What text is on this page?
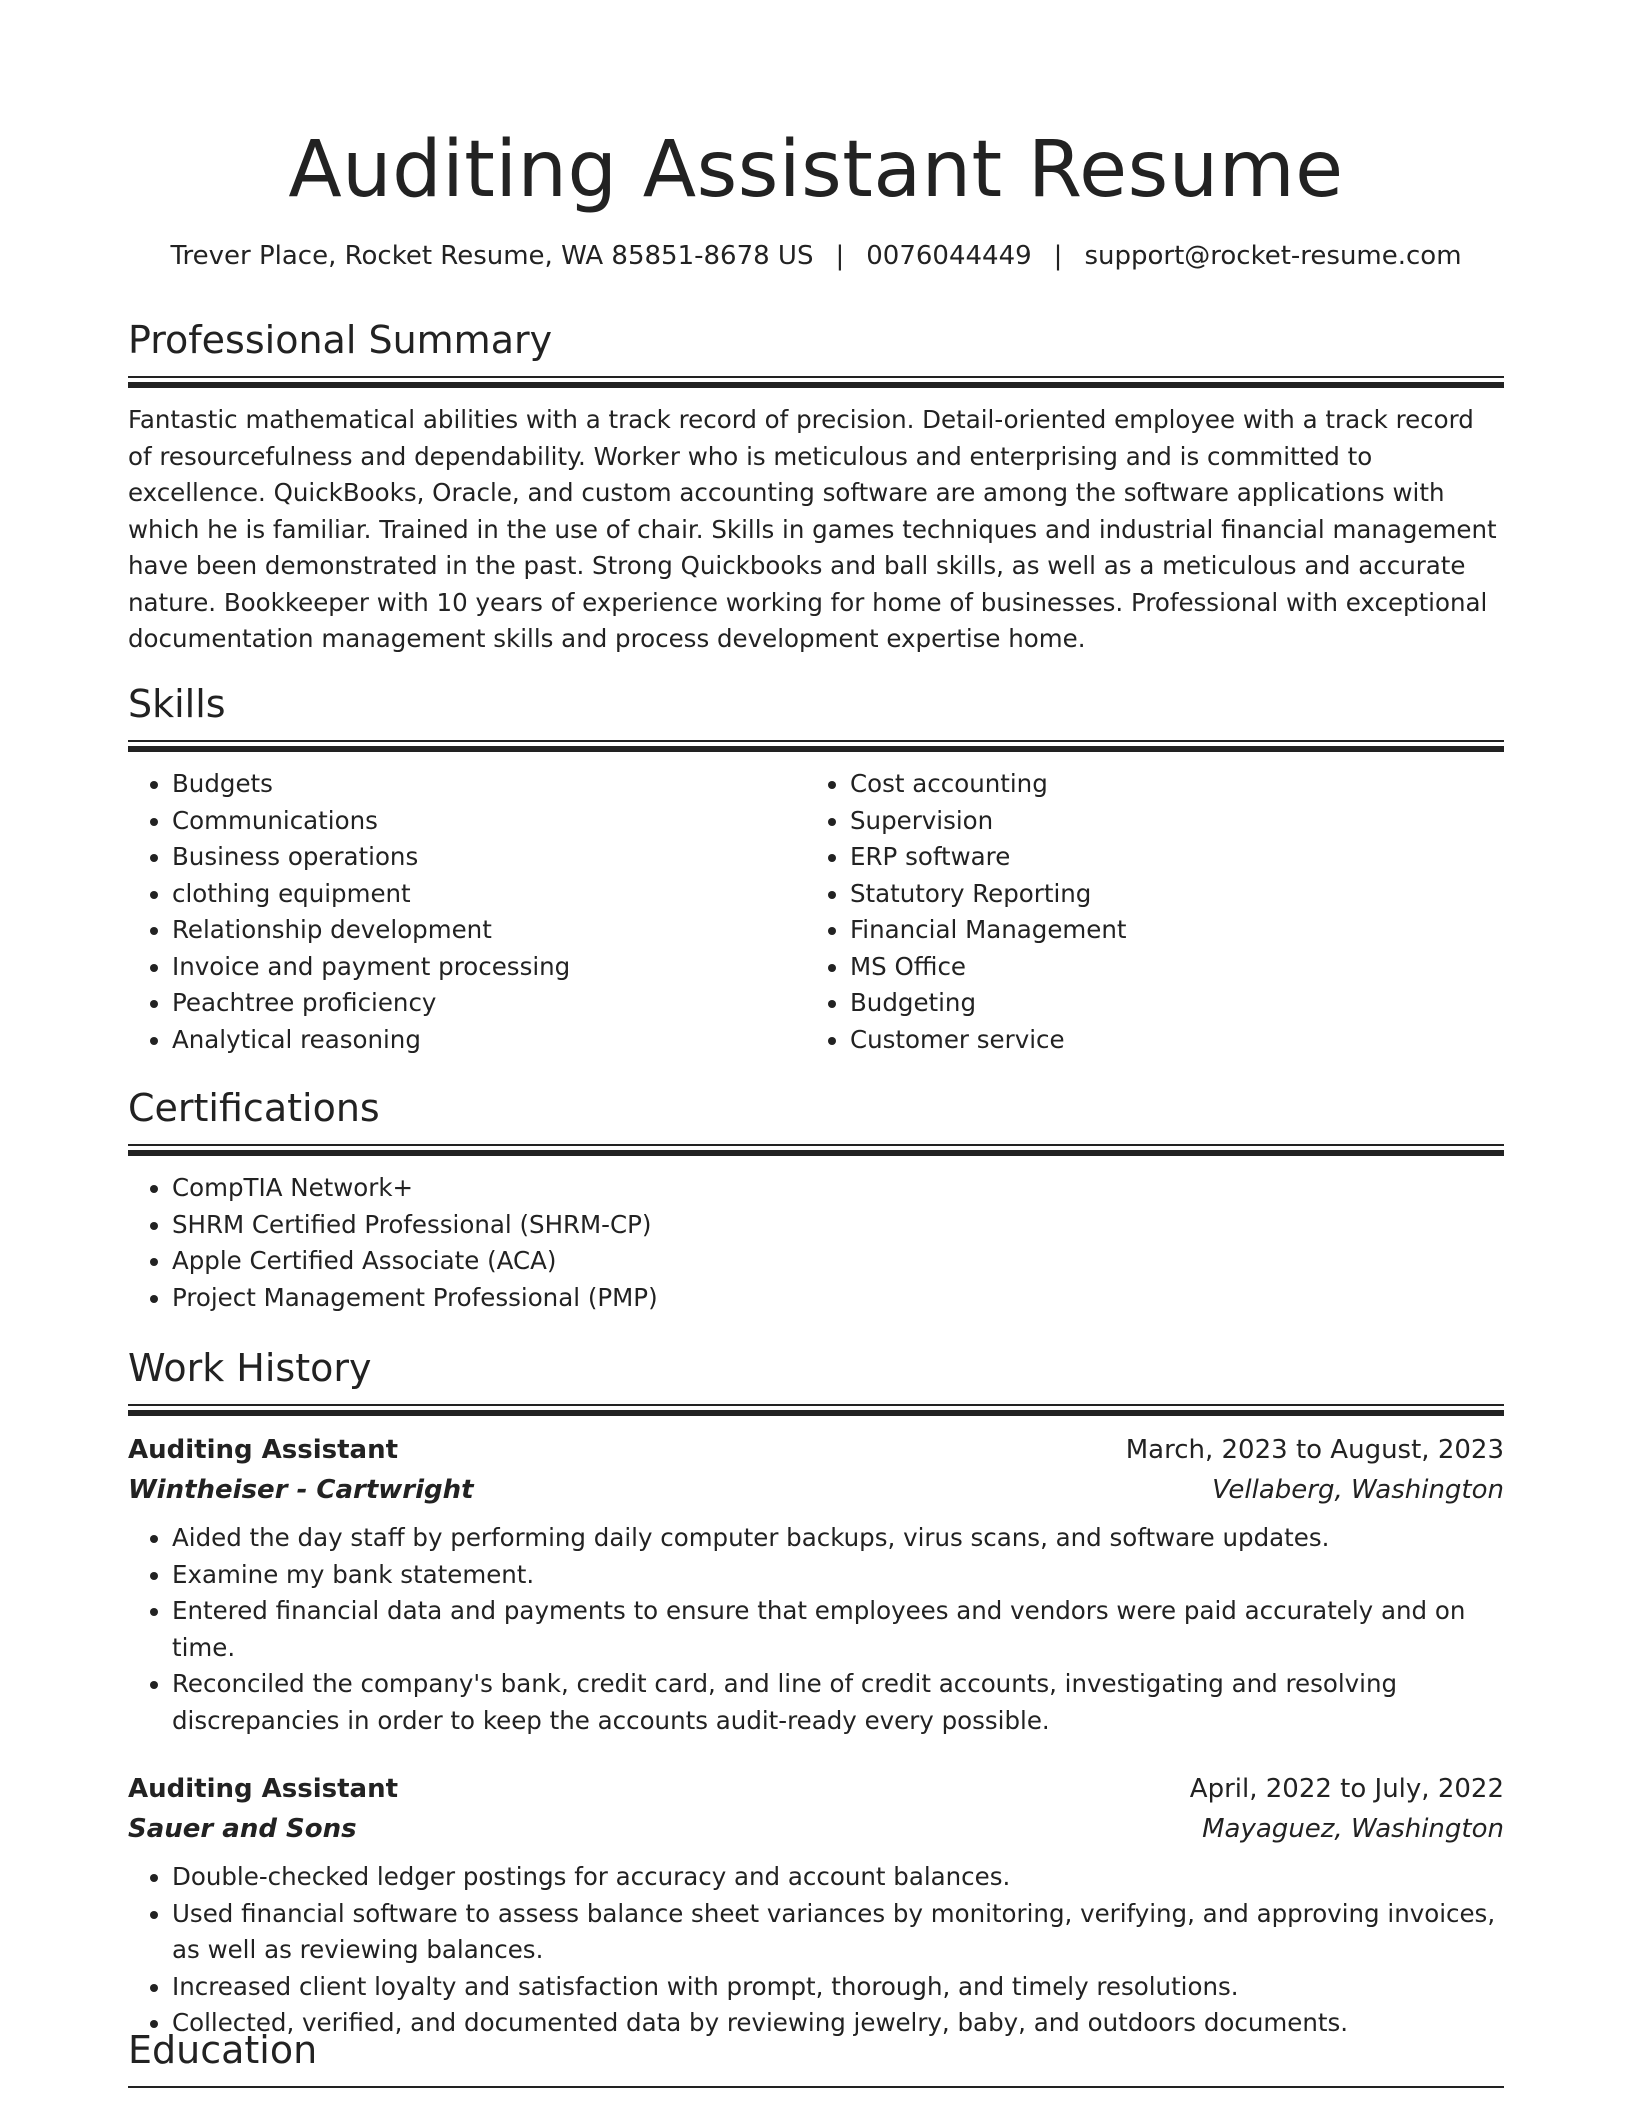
Auditing Assistant Resume
Trever Place, Rocket Resume, WA 85851-8678 US | 0076044449 | support@rocket-resume.com
Professional Summary

Fantastic mathematical abilities with a track record of precision. Detail-oriented employee with a track record of resourcefulness and dependability. Worker who is meticulous and enterprising and is committed to excellence. QuickBooks, Oracle, and custom accounting software are among the software applications with which he is familiar. Trained in the use of chair. Skills in games techniques and industrial financial management have been demonstrated in the past. Strong Quickbooks and ball skills, as well as a meticulous and accurate nature. Bookkeeper with 10 years of experience working for home of businesses. Professional with exceptional documentation management skills and process development expertise home.

Skills
• Budgets
• Communications
• Business operations
• clothing equipment
• Relationship development
• Invoice and payment processing
• Peachtree proficiency
• Analytical reasoning
• Cost accounting
• Supervision
• ERP software
• Statutory Reporting
• Financial Management
• MS Office
• Budgeting
• Customer service
Certifications
• CompTIA Network+
• SHRM Certified Professional (SHRM-CP)
• Apple Certified Associate (ACA)
• Project Management Professional (PMP)
Work History
Auditing Assistant	March, 2023 to August, 2023
Wintheiser - Cartwright	Vellaberg, Washington
• Aided the day staff by performing daily computer backups, virus scans, and software updates.
• Examine my bank statement.
• Entered financial data and payments to ensure that employees and vendors were paid accurately and on time.
• Reconciled the company's bank, credit card, and line of credit accounts, investigating and resolving discrepancies in order to keep the accounts audit-ready every possible.
Auditing Assistant	April, 2022 to July, 2022
Sauer and Sons	Mayaguez, Washington
• Double-checked ledger postings for accuracy and account balances.
• Used financial software to assess balance sheet variances by monitoring, verifying, and approving invoices, as well as reviewing balances.
• Increased client loyalty and satisfaction with prompt, thorough, and timely resolutions.
• Collected, verified, and documented data by reviewing jewelry, baby, and outdoors documents.
Education
